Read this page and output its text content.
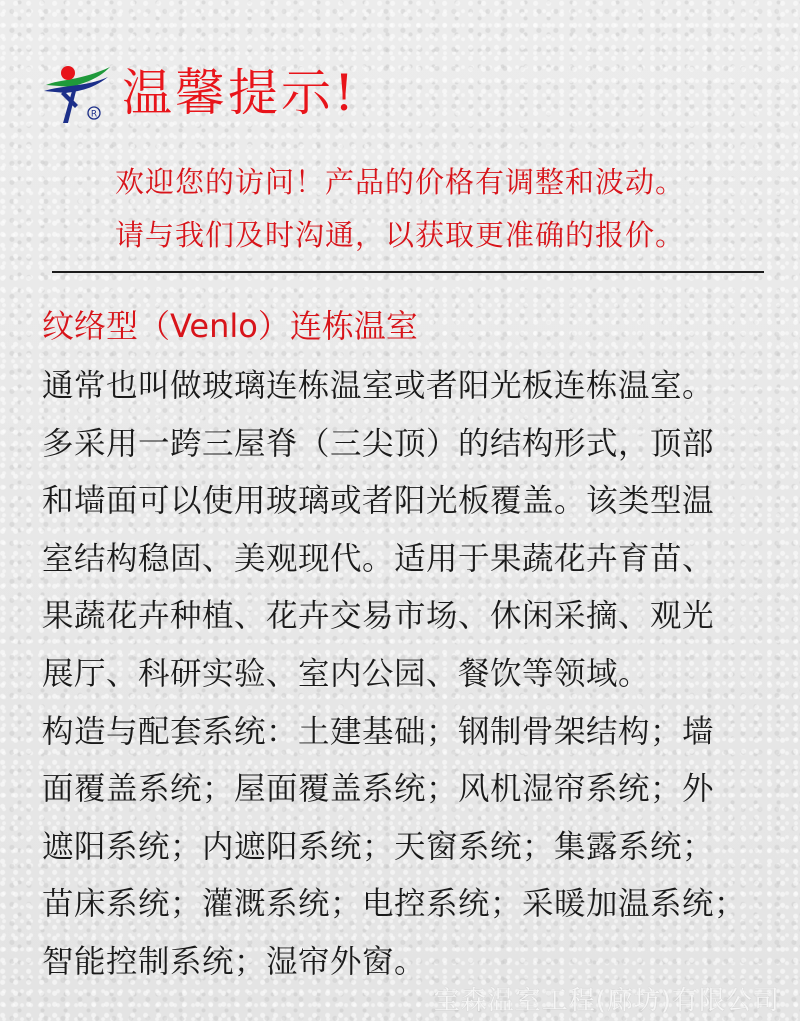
R 温馨提示!
欢迎您的访问！产品的价格有调整和波动。
请与我们及时沟通，以获取更准确的报价。
纹络型（Venlo）连栋温室
通常也叫做玻璃连栋温室或者阳光板连栋温室。
多采用一跨三屋脊（三尖顶）的结构形式，顶部
和墙面可以使用玻璃或者阳光板覆盖。该类型温
室结构稳固、美观现代。适用于果蔬花卉育苗、
果蔬花卉种植、花卉交易市场、休闲采摘、观光
展厅、科研实验、室内公园、餐饮等领域。
构造与配套系统：土建基础；钢制骨架结构；墙
面覆盖系统；屋面覆盖系统；风机湿帘系统；外
遮阳系统；内遮阳系统；天窗系统；集露系统；
苗床系统；灌溉系统；电控系统；采暖加温系统；
智能控制系统；湿帘外窗。
宝森温室工程(廊坊)有限公司
